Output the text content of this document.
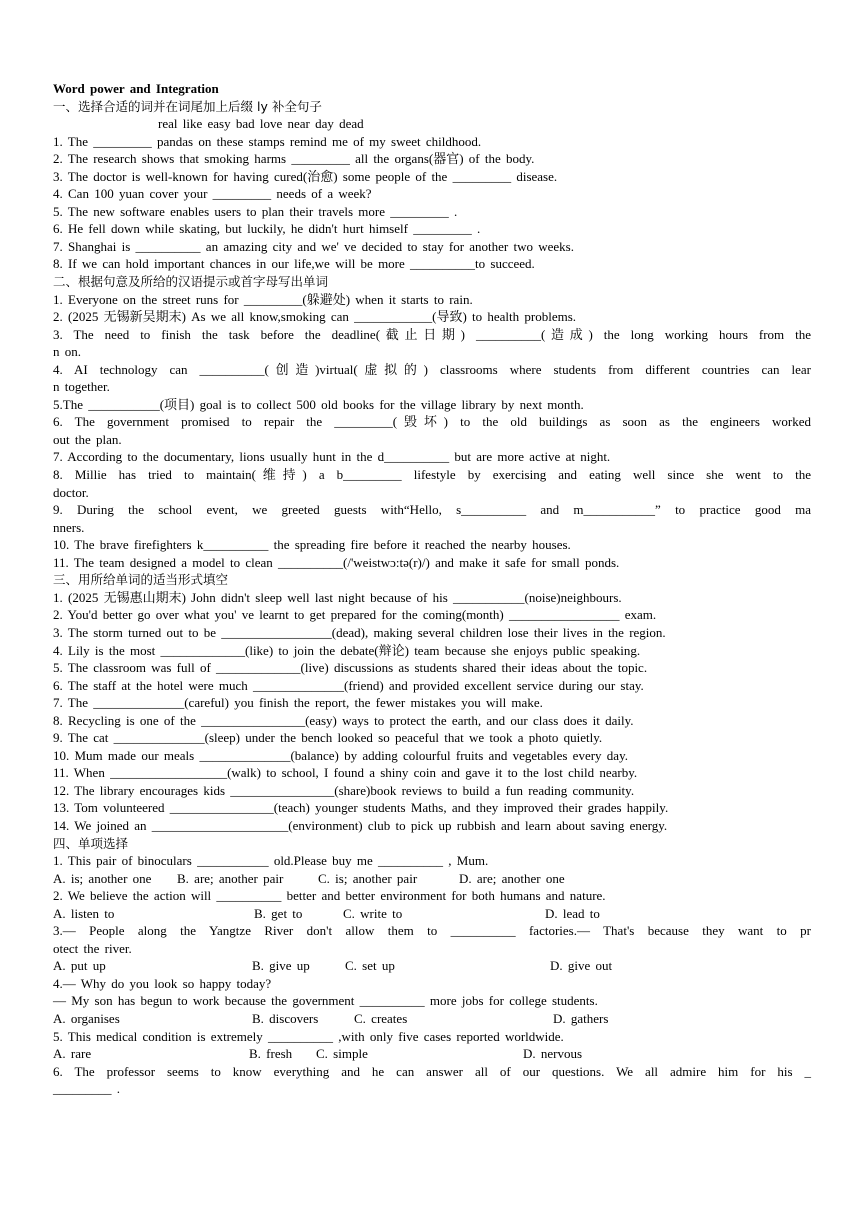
Word power and Integration
一、选择合适的词并在词尾加上后缀 ly 补全句子
real like easy bad love near day dead
1. The _________ pandas on these stamps remind me of my sweet childhood.
2. The research shows that smoking harms _________ all the organs(器官) of the body.
3. The doctor is well-known for having cured(治愈) some people of the _________ disease.
4. Can 100 yuan cover your _________ needs of a week?
5. The new software enables users to plan their travels more _________ .
6. He fell down while skating, but luckily, he didn't hurt himself _________ .
7. Shanghai is __________ an amazing city and we' ve decided to stay for another two weeks.
8. If we can hold important chances in our life,we will be more __________to succeed.
二、根据句意及所给的汉语提示或首字母写出单词
1. Everyone on the street runs for _________(躲避处) when it starts to rain.
2. (2025 无锡新吴期末) As we all know,smoking can ____________(导致) to health problems.
3. The need to finish the task before the deadline(截止日期) __________(造成) the long working hours from the
n on.
4. AI technology can __________(创造)virtual(虚拟的) classrooms where students from different countries can lear
n together.
5.The ___________(项目) goal is to collect 500 old books for the village library by next month.
6. The government promised to repair the _________(毁坏) to the old buildings as soon as the engineers worked
out the plan.
7. According to the documentary, lions usually hunt in the d__________ but are more active at night.
8. Millie has tried to maintain(维持) a b_________ lifestyle by exercising and eating well since she went to the
doctor.
9. During the school event, we greeted guests with“Hello, s__________ and m___________” to practice good ma
nners.
10. The brave firefighters k__________ the spreading fire before it reached the nearby houses.
11. The team designed a model to clean __________(/'weistwɔ:tə(r)/) and make it safe for small ponds.
三、用所给单词的适当形式填空
1. (2025 无锡惠山期末) John didn't sleep well last night because of his ___________(noise)neighbours.
2. You'd better go over what you' ve learnt to get prepared for the coming(month) _________________ exam.
3. The storm turned out to be _________________(dead), making several children lose their lives in the region.
4. Lily is the most _____________(like) to join the debate(辩论) team because she enjoys public speaking.
5. The classroom was full of _____________(live) discussions as students shared their ideas about the topic.
6. The staff at the hotel were much ______________(friend) and provided excellent service during our stay.
7. The ______________(careful) you finish the report, the fewer mistakes you will make.
8. Recycling is one of the ________________(easy) ways to protect the earth, and our class does it daily.
9. The cat ______________(sleep) under the bench looked so peaceful that we took a photo quietly.
10. Mum made our meals ______________(balance) by adding colourful fruits and vegetables every day.
11. When __________________(walk) to school, I found a shiny coin and gave it to the lost child nearby.
12. The library encourages kids ________________(share)book reviews to build a fun reading community.
13. Tom volunteered ________________(teach) younger students Maths, and they improved their grades happily.
14. We joined an _____________________(environment) club to pick up rubbish and learn about saving energy.
四、单项选择
1. This pair of binoculars ___________ old.Please buy me __________ , Mum.
A. is; another one	B. are; another pair	C. is; another pair	D. are; another one
2. We believe the action will __________ better and better environment for both humans and nature.
A. listen to	B. get to	C. write to	D. lead to
3.— People along the Yangtze River don't allow them to __________ factories.— That's because they want to pr
otect the river.
A. put up	B. give up	C. set up	D. give out
4.— Why do you look so happy today?
— My son has begun to work because the government __________ more jobs for college students.
A. organises	B. discovers	C. creates	D. gathers
5. This medical condition is extremely __________ ,with only five cases reported worldwide.
A. rare	B. fresh	C. simple	D. nervous
6. The professor seems to know everything and he can answer all of our questions. We all admire him for his _
_________ .
